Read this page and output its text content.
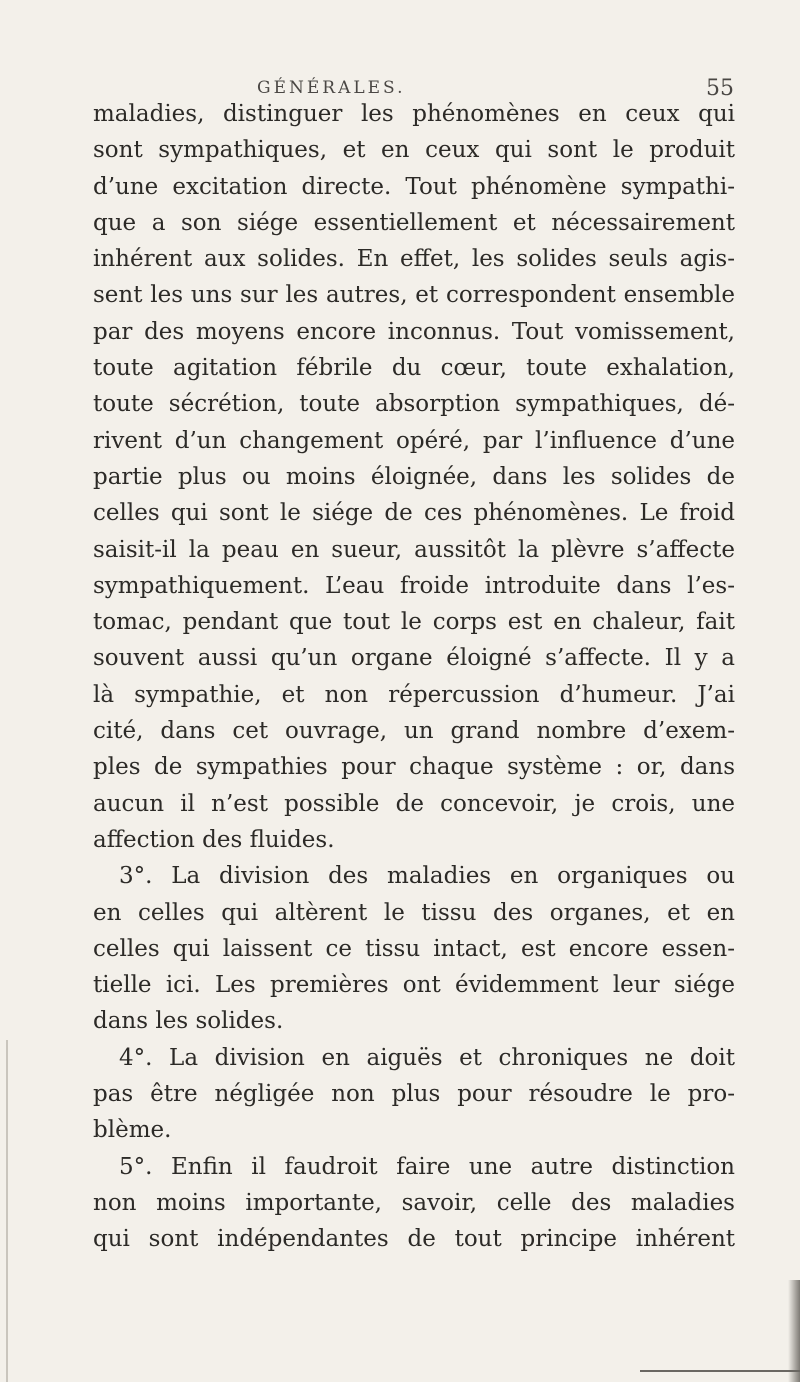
GÉNÉRALES.	55
maladies, distinguer les phénomènes en ceux qui
sont sympathiques, et en ceux qui sont le produit
d’une excitation directe. Tout phénomène sympathi-
que a son siége essentiellement et nécessairement
inhérent aux solides. En effet, les solides seuls agis-
sent les uns sur les autres, et correspondent ensemble
par des moyens encore inconnus. Tout vomissement,
toute agitation fébrile du cœur, toute exhalation,
toute sécrétion, toute absorption sympathiques, dé-
rivent d’un changement opéré, par l’influence d’une
partie plus ou moins éloignée, dans les solides de
celles qui sont le siége de ces phénomènes. Le froid
saisit-il la peau en sueur, aussitôt la plèvre s’affecte
sympathiquement. L’eau froide introduite dans l’es-
tomac, pendant que tout le corps est en chaleur, fait
souvent aussi qu’un organe éloigné s’affecte. Il y a
là sympathie, et non répercussion d’humeur. J’ai
cité, dans cet ouvrage, un grand nombre d’exem-
ples de sympathies pour chaque système : or, dans
aucun il n’est possible de concevoir, je crois, une
affection des fluides.
3°. La division des maladies en organiques ou
en celles qui altèrent le tissu des organes, et en
celles qui laissent ce tissu intact, est encore essen-
tielle ici. Les premières ont évidemment leur siége
dans les solides.
4°. La division en aiguës et chroniques ne doit
pas être négligée non plus pour résoudre le pro-
blème.
5°. Enfin il faudroit faire une autre distinction
non moins importante, savoir, celle des maladies
qui sont indépendantes de tout principe inhérent
